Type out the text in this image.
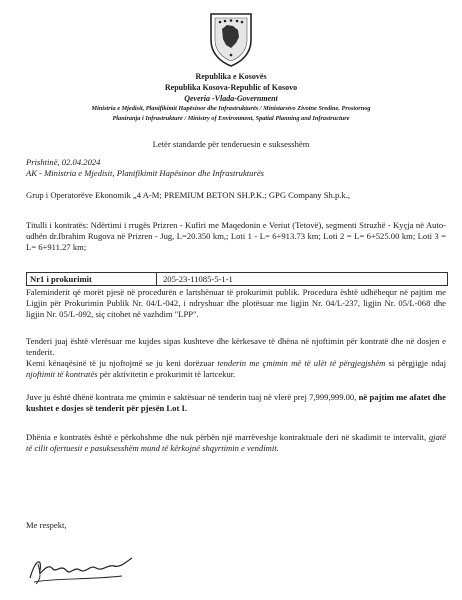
Republika e Kosovës
Republika Kosova-Republic of Kosovo
Qeveria -Vlada-Government
Ministria e Mjedisit, Planifikimit Hapësinor dhe Infrastrukturës / Ministarstvo Zivotne Sredine, Prostornog
Planiranja i Infrastrukture / Ministry of Environment, Spatial Planning and Infrastructure
Letër standarde për tenderuesin e suksesshëm
Prishtinë, 02.04.2024
AK - Ministria e Mjedisit, Planifikimit Hapësinor dhe Infrastrukturës
Grup i Operatorëve Ekonomik „4 A-M; PREMIUM BETON SH.P.K.; GPG Company Sh.p.k.,
Titulli i kontratës: Ndërtimi i rrugës Prizren - Kufiri me Maqedonin e Veriut (Tetovë), segmenti Struzhë - Kyçja në Auto-udhën dr.Ibrahim Rugova në Prizren - Jug, L=20.350 km,; Loti 1 - L= 6+913.73 km; Loti 2 = L= 6+525.00 km; Loti 3 = L= 6+911.27 km;
Nr1 i prokurimit	205-23-11085-5-1-1
Faleminderit që morët pjesë në procedurën e lartshënuar të prokurimit publik. Procedura është udhëhequr në pajtim me Ligjin për Prokurimin Publik Nr. 04/L-042, i ndryshuar dhe plotësuar me ligjin Nr. 04/L-237, ligjin Nr. 05/L-068 dhe ligjin Nr. 05/L-092, siç citohet në vazhdim "LPP".
Tenderi juaj është vlerësuar me kujdes sipas kushteve dhe kërkesave të dhëna në njoftimin për kontratë dhe në dosjen e tenderit.
Kemi kënaqësinë të ju njoftojmë se ju keni dorëzuar tenderin me çmimin më të ulët të përgjegjshëm si përgjigje ndaj njoftimit të kontratës për aktivitetin e prokurimit të lartcekur.
Juve ju është dhënë kontrata me çmimin e saktësuar në tenderin tuaj në vlerë prej 7,999,999.00, në pajtim me afatet dhe kushtet e dosjes së tenderit për pjesën Lot I.
Dhënia e kontratës është e përkohshme dhe nuk përbën një marrëveshje kontraktuale deri në skadimit te intervalit, gjatë të cilit ofertuesit e pasuksesshëm mund të kërkojnë shqyrtimin e vendimit.
Me respekt,
